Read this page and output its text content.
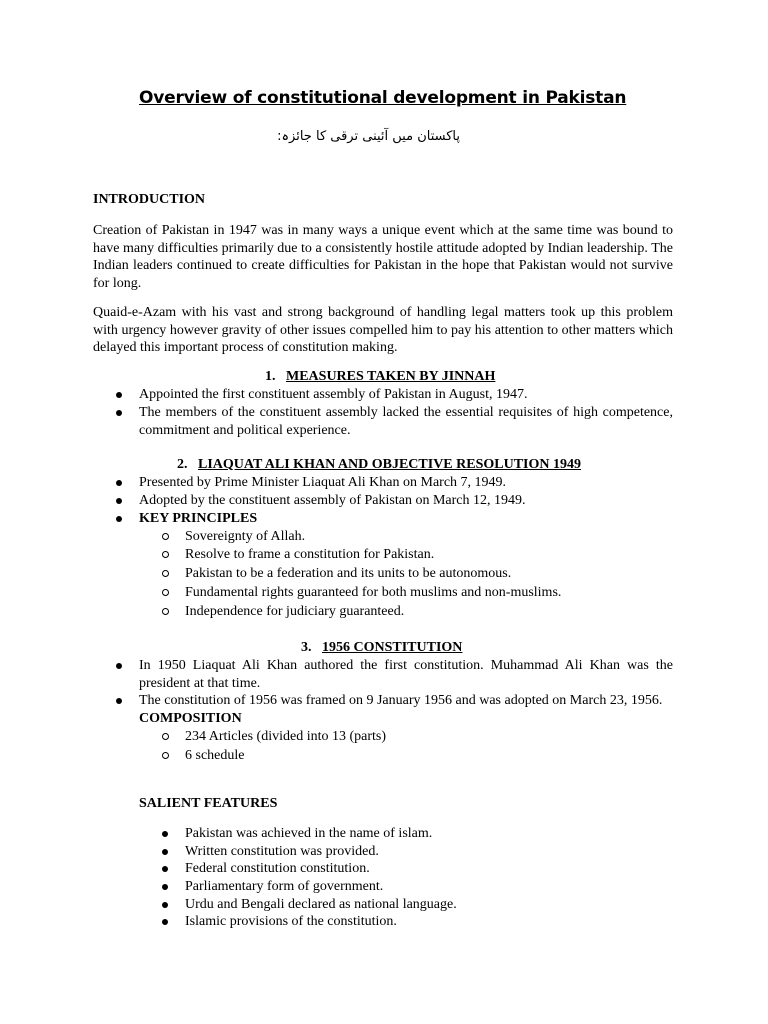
Overview of constitutional development in Pakistan
پاکستان میں آئینی ترقی کا جائزہ:
INTRODUCTION
Creation of Pakistan in 1947 was in many ways a unique event which at the same time was bound to have many difficulties primarily due to a consistently hostile attitude adopted by Indian leadership. The Indian leaders continued to create difficulties for Pakistan in the hope that Pakistan would not survive for long.
Quaid-e-Azam with his vast and strong background of handling legal matters took up this problem with urgency however gravity of other issues compelled him to pay his attention to other matters which delayed this important process of constitution making.
1. MEASURES TAKEN BY JINNAH
Appointed the first constituent assembly of Pakistan in August, 1947.
The members of the constituent assembly lacked the essential requisites of high competence, commitment and political experience.
2. LIAQUAT ALI KHAN AND OBJECTIVE RESOLUTION 1949
Presented by Prime Minister Liaquat Ali Khan on March 7, 1949.
Adopted by the constituent assembly of Pakistan on March 12, 1949.
KEY PRINCIPLES
Sovereignty of Allah.
Resolve to frame a constitution for Pakistan.
Pakistan to be a federation and its units to be autonomous.
Fundamental rights guaranteed for both muslims and non-muslims.
Independence for judiciary guaranteed.
3. 1956 CONSTITUTION
In 1950 Liaquat Ali Khan authored the first constitution. Muhammad Ali Khan was the president at that time.
The constitution of 1956 was framed on 9 January 1956 and was adopted on March 23, 1956.
COMPOSITION
234 Articles (divided into 13 (parts)
6 schedule
SALIENT FEATURES
Pakistan was achieved in the name of islam.
Written constitution was provided.
Federal constitution constitution.
Parliamentary form of government.
Urdu and Bengali declared as national language.
Islamic provisions of the constitution.
